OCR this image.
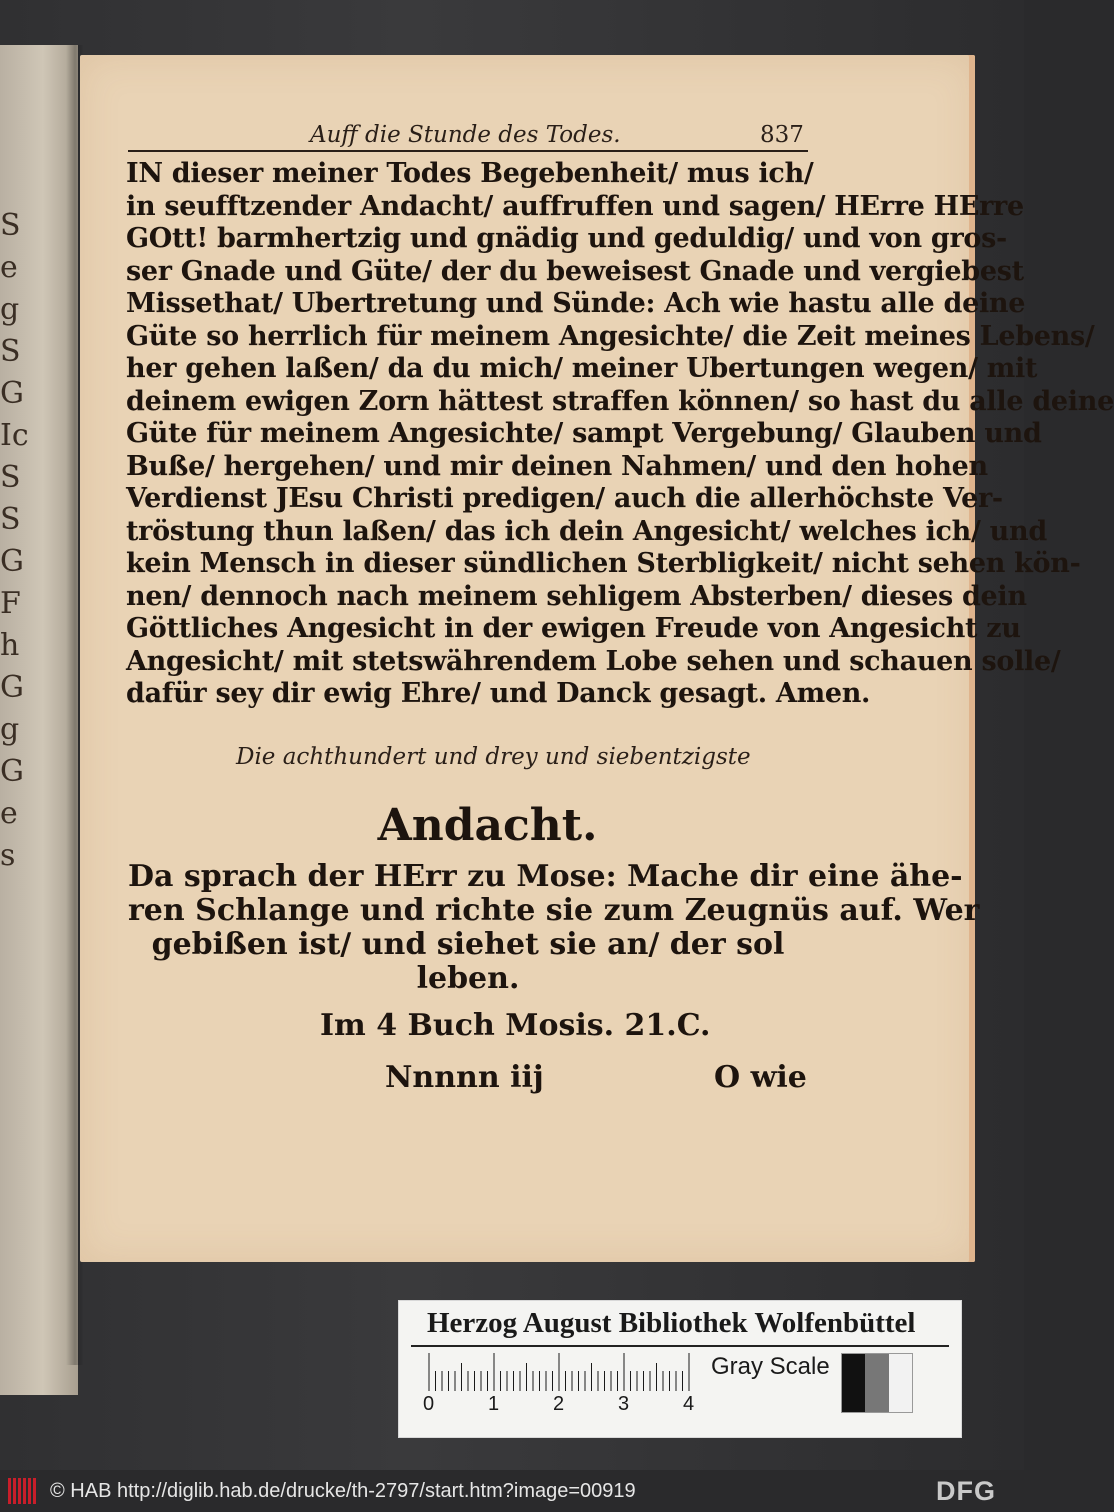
S
e
g
S
G
Ic
S
S
G
F
h
G
g
G
e
s
Auff die Stunde des Todes.	837
IN dieser meiner Todes Begebenheit/ mus ich/
in seufftzender Andacht/ auffruffen und sagen/ HErre HErre
GOtt! barmhertzig und gnädig und geduldig/ und von gros-
ser Gnade und Güte/ der du beweisest Gnade und vergiebest
Missethat/ Ubertretung und Sünde: Ach wie hastu alle deine
Güte so herrlich für meinem Angesichte/ die Zeit meines Lebens/
her gehen laßen/ da du mich/ meiner Ubertungen wegen/ mit
deinem ewigen Zorn hättest straffen können/ so hast du alle deine
Güte für meinem Angesichte/ sampt Vergebung/ Glauben und
Buße/ hergehen/ und mir deinen Nahmen/ und den hohen
Verdienst JEsu Christi predigen/ auch die allerhöchste Ver-
tröstung thun laßen/ das ich dein Angesicht/ welches ich/ und
kein Mensch in dieser sündlichen Sterbligkeit/ nicht sehen kön-
nen/ dennoch nach meinem sehligem Absterben/ dieses dein
Göttliches Angesicht in der ewigen Freude von Angesicht zu
Angesicht/ mit stetswährendem Lobe sehen und schauen solle/
dafür sey dir ewig Ehre/ und Danck gesagt. Amen.
Die achthundert und drey und siebentzigste
Andacht.
Da sprach der HErr zu Mose: Mache dir eine ähe-
ren Schlange und richte sie zum Zeugnüs auf. Wer
gebißen ist/ und siehet sie an/ der sol
leben.
Im 4 Buch Mosis. 21.C.
Nnnnn iij	O wie
Herzog August Bibliothek Wolfenbüttel
0	1	2	3	4
Gray Scale
© HAB http://diglib.hab.de/drucke/th-2797/start.htm?image=00919	DFG
